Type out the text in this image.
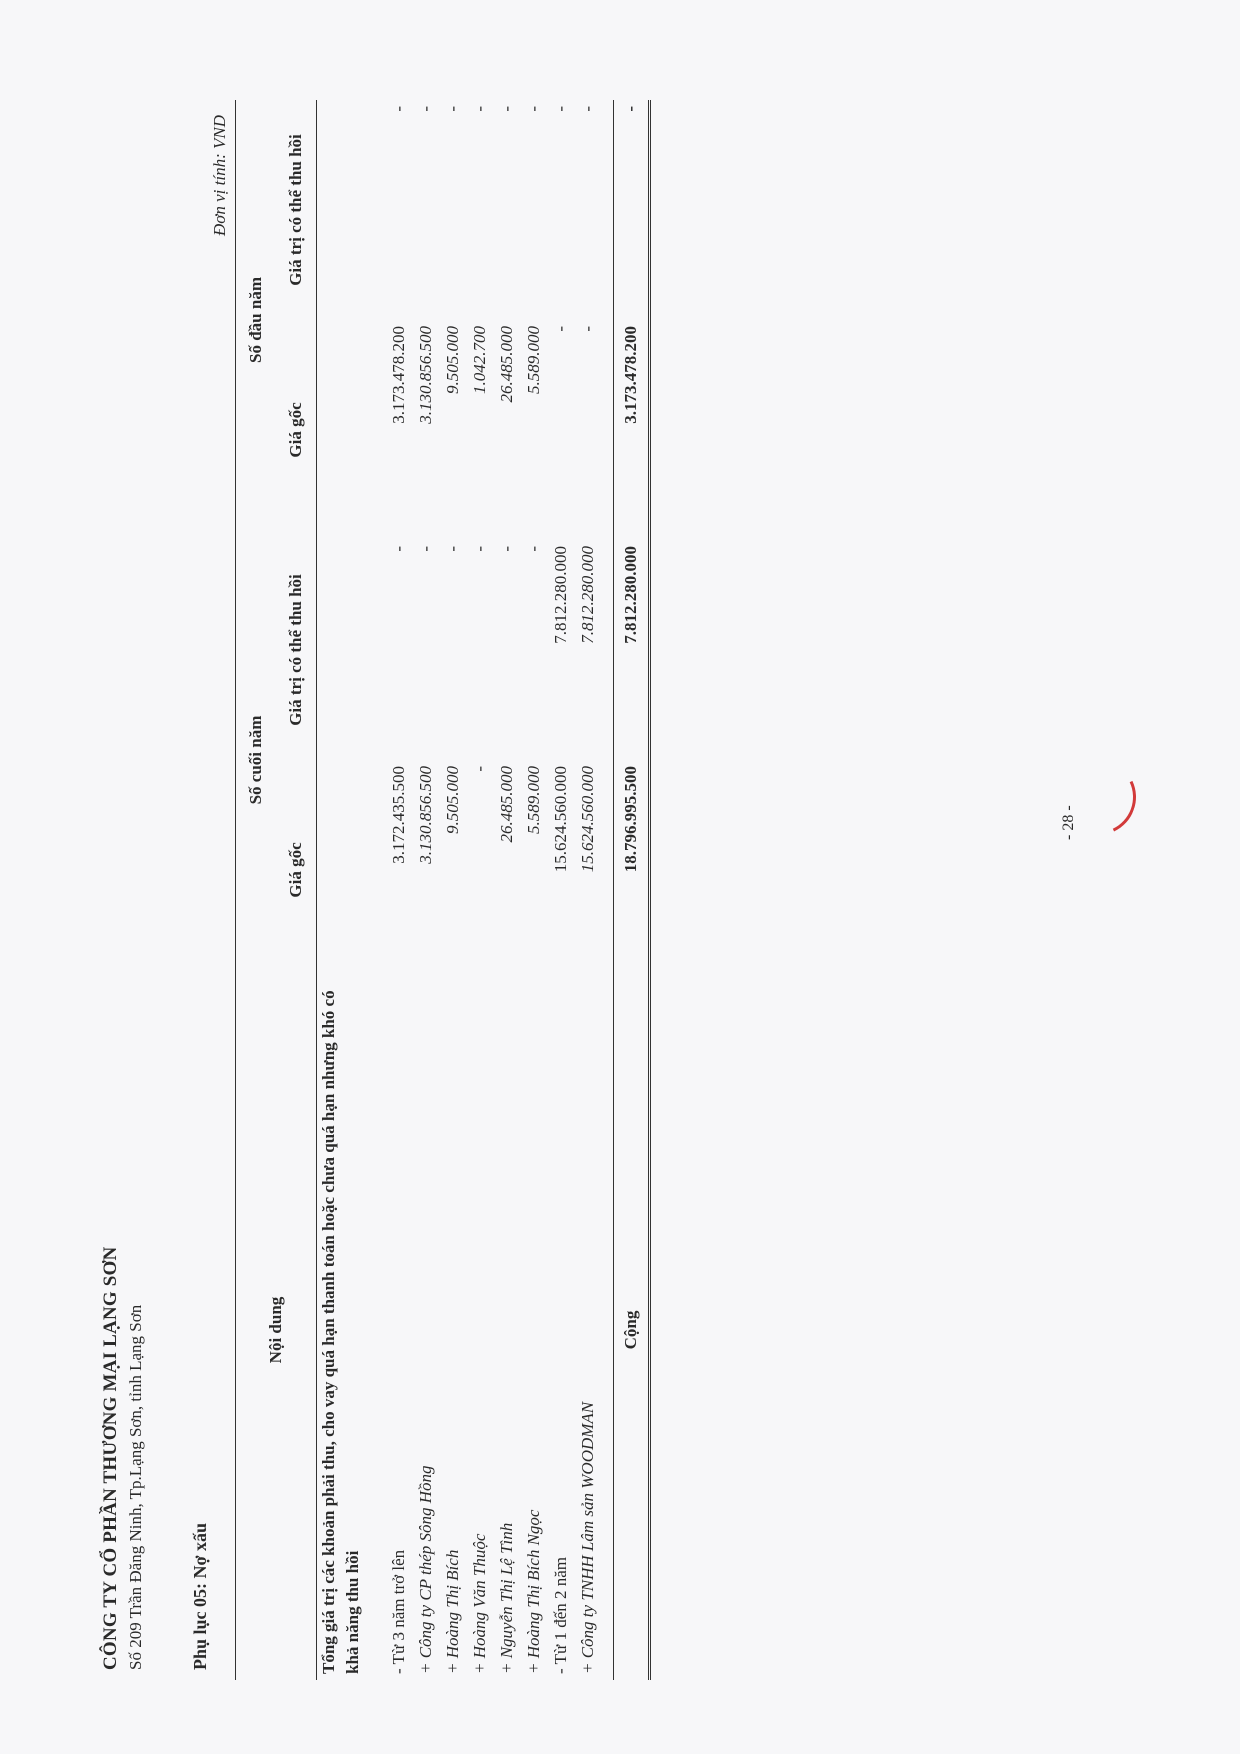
CÔNG TY CỔ PHẦN THƯƠNG MẠI LẠNG SƠN Số 209 Trần Đăng Ninh, Tp.Lạng Sơn, tỉnh Lạng Sơn	Phụ lục 05: Nợ xấu
Đơn vị tính: VND
Nội dung	Số cuối năm		Số đầu năm	
	Giá gốc	Giá trị có thể thu hồi	Giá gốc	Giá trị có thể thu hồi
Tổng giá trị các khoản phải thu, cho vay quá hạn thanh toán hoặc chưa quá hạn nhưng khó có khả năng thu hồi				

- Từ 3 năm trở lên	3.172.435.500	-	3.173.478.200	-
+ Công ty CP thép Sông Hồng	3.130.856.500	-	3.130.856.500	-
+ Hoàng Thị Bích	9.505.000	-	9.505.000	-
+ Hoàng Văn Thuộc	-	-	1.042.700	-
+ Nguyễn Thị Lệ Tình	26.485.000	-	26.485.000	-
+ Hoàng Thị Bích Ngọc	5.589.000	-	5.589.000	-
- Từ 1 đến 2 năm	15.624.560.000	7.812.280.000	-	-
+ Công ty TNHH Lâm sản WOODMAN	15.624.560.000	7.812.280.000	-	-

Cộng	18.796.995.500	7.812.280.000	3.173.478.200	-
- 28 -
